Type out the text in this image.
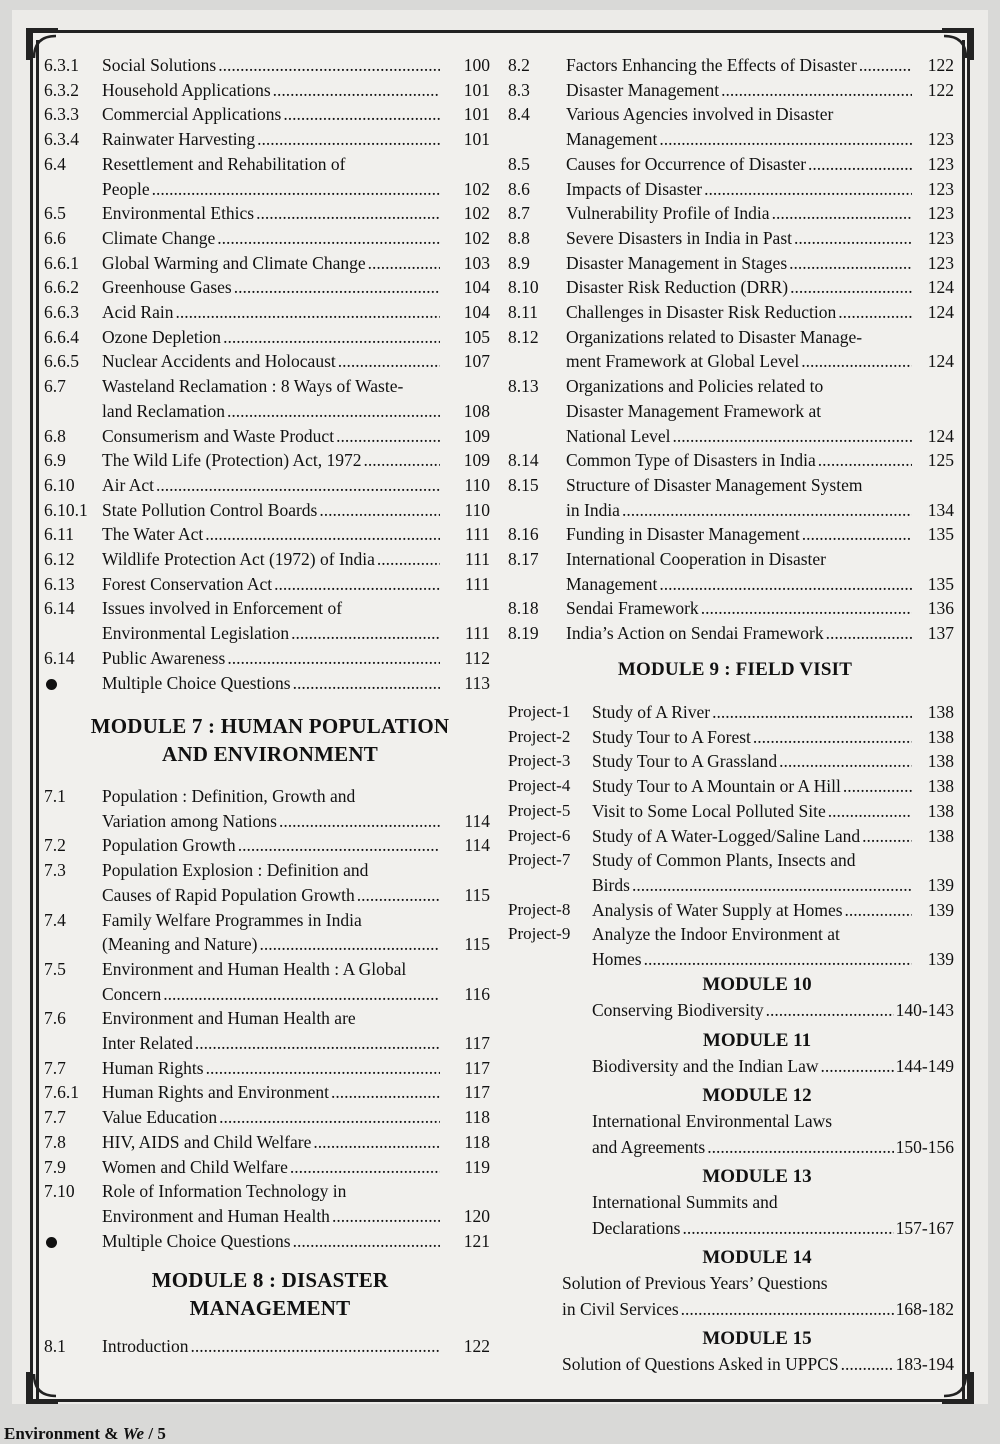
6.3.1 Social Solutions .....	100
6.3.2 Household Applications .....	101
6.3.3 Commercial Applications .....	101
6.3.4 Rainwater Harvesting .....	101
6.4 Resettlement and Rehabilitation of
People .....	102
6.5 Environmental Ethics .....	102
6.6 Climate Change .....	102
6.6.1 Global Warming and Climate Change .....	103
6.6.2 Greenhouse Gases .....	104
6.6.3 Acid Rain .....	104
6.6.4 Ozone Depletion .....	105
6.6.5 Nuclear Accidents and Holocaust .....	107
6.7 Wasteland Reclamation : 8 Ways of Waste-
land Reclamation .....	108
6.8 Consumerism and Waste Product .....	109
6.9 The Wild Life (Protection) Act, 1972 .....	109
6.10 Air Act .....	110
6.10.1 State Pollution Control Boards .....	110
6.11 The Water Act .....	111
6.12 Wildlife Protection Act (1972) of India .....	111
6.13 Forest Conservation Act .....	111
6.14 Issues involved in Enforcement of
Environmental Legislation .....	111
6.14 Public Awareness .....	112
Multiple Choice Questions .....	113
MODULE 7 : HUMAN POPULATION
AND ENVIRONMENT
7.1 Population : Definition, Growth and
Variation among Nations .....	114
7.2 Population Growth .....	114
7.3 Population Explosion : Definition and
Causes of Rapid Population Growth .....	115
7.4 Family Welfare Programmes in India
(Meaning and Nature) .....	115
7.5 Environment and Human Health : A Global
Concern .....	116
7.6 Environment and Human Health are
Inter Related .....	117
7.7 Human Rights .....	117
7.6.1 Human Rights and Environment .....	117
7.7 Value Education .....	118
7.8 HIV, AIDS and Child Welfare .....	118
7.9 Women and Child Welfare .....	119
7.10 Role of Information Technology in
Environment and Human Health .....	120
Multiple Choice Questions .....	121
MODULE 8 : DISASTER
MANAGEMENT
8.1 Introduction .....	122
8.2 Factors Enhancing the Effects of Disaster .....	122
8.3 Disaster Management .....	122
8.4 Various Agencies involved in Disaster
Management .....	123
8.5 Causes for Occurrence of Disaster .....	123
8.6 Impacts of Disaster .....	123
8.7 Vulnerability Profile of India .....	123
8.8 Severe Disasters in India in Past .....	123
8.9 Disaster Management in Stages .....	123
8.10 Disaster Risk Reduction (DRR) .....	124
8.11 Challenges in Disaster Risk Reduction .....	124
8.12 Organizations related to Disaster Manage-
ment Framework at Global Level .....	124
8.13 Organizations and Policies related to
Disaster Management Framework at
National Level .....	124
8.14 Common Type of Disasters in India .....	125
8.15 Structure of Disaster Management System
in India .....	134
8.16 Funding in Disaster Management .....	135
8.17 International Cooperation in Disaster
Management .....	135
8.18 Sendai Framework .....	136
8.19 India’s Action on Sendai Framework .....	137
MODULE 9 : FIELD VISIT
Project-1 Study of A River .....	138
Project-2 Study Tour to A Forest .....	138
Project-3 Study Tour to A Grassland .....	138
Project-4 Study Tour to A Mountain or A Hill .....	138
Project-5 Visit to Some Local Polluted Site .....	138
Project-6 Study of A Water-Logged/Saline Land .....	138
Project-7 Study of Common Plants, Insects and
Birds .....	139
Project-8 Analysis of Water Supply at Homes .....	139
Project-9 Analyze the Indoor Environment at
Homes .....	139
MODULE 10
Conserving Biodiversity .....	140-143
MODULE 11
Biodiversity and the Indian Law .....	144-149
MODULE 12
International Environmental Laws
and Agreements .....	150-156
MODULE 13
International Summits and
Declarations .....	157-167
MODULE 14
Solution of Previous Years’ Questions
in Civil Services .....	168-182
MODULE 15
Solution of Questions Asked in UPPCS .....	183-194
Environment & We / 5
